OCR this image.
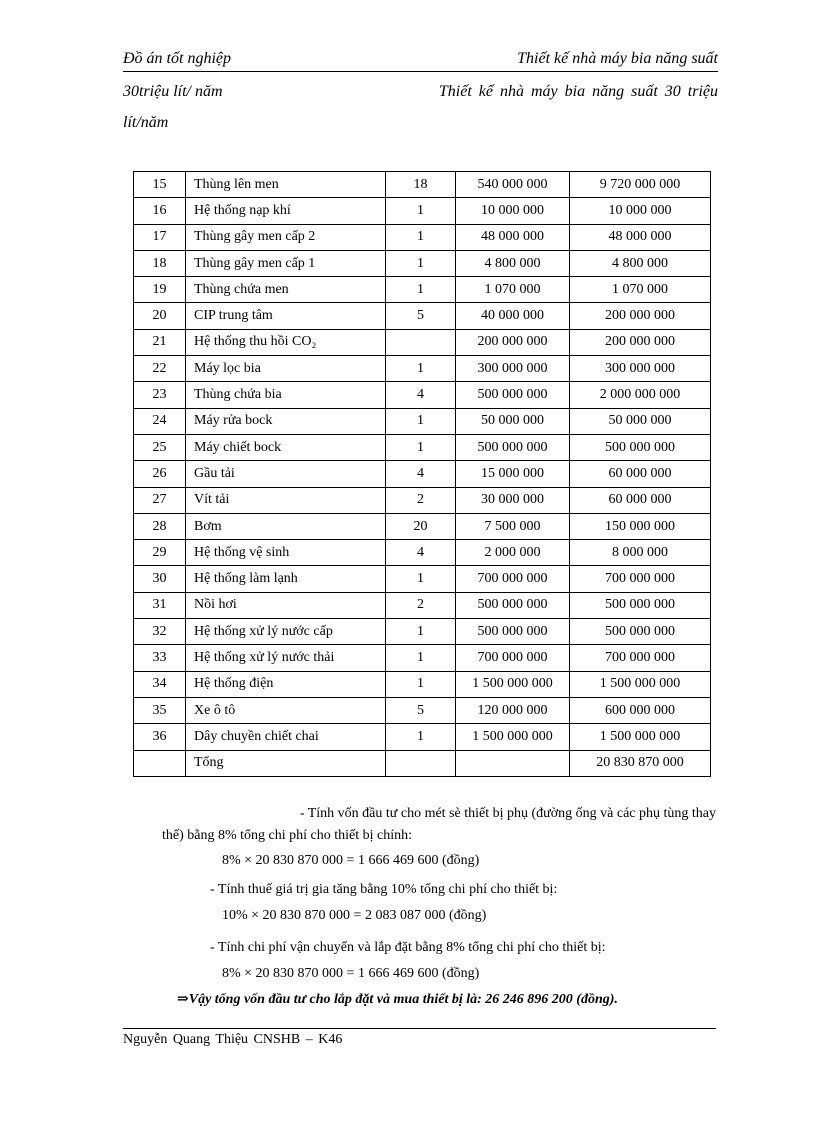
Đồ án tốt nghiệp	Thiết kế nhà máy bia năng suất
30triệu lít/ năm	Thiết kế nhà máy bia năng suất 30 triệu
lít/năm
15	Thùng lên men	18	540 000 000	9 720 000 000
16	Hệ thống nạp khí	1	10 000 000	10 000 000
17	Thùng gây men cấp 2	1	48 000 000	48 000 000
18	Thùng gây men cấp 1	1	4 800 000	4 800 000
19	Thùng chứa men	1	1 070 000	1 070 000
20	CIP trung tâm	5	40 000 000	200 000 000
21	Hệ thống thu hồi CO₂		200 000 000	200 000 000
22	Máy lọc bia	1	300 000 000	300 000 000
23	Thùng chứa bia	4	500 000 000	2 000 000 000
24	Máy rửa bock	1	50 000 000	50 000 000
25	Máy chiết bock	1	500 000 000	500 000 000
26	Gầu tải	4	15 000 000	60 000 000
27	Vít tải	2	30 000 000	60 000 000
28	Bơm	20	7 500 000	150 000 000
29	Hệ thống vệ sinh	4	2 000 000	8 000 000
30	Hệ thống làm lạnh	1	700 000 000	700 000 000
31	Nồi hơi	2	500 000 000	500 000 000
32	Hệ thống xử lý nước cấp	1	500 000 000	500 000 000
33	Hệ thống xử lý nước thải	1	700 000 000	700 000 000
34	Hệ thống điện	1	1 500 000 000	1 500 000 000
35	Xe ô tô	5	120 000 000	600 000 000
36	Dây chuyền chiết chai	1	1 500 000 000	1 500 000 000
	Tổng			20 830 870 000
- Tính vốn đầu tư cho mét sè thiết bị phụ (đường ống và các phụ tùng thay
thế) bằng 8% tổng chi phí cho thiết bị chính:
8% × 20 830 870 000 = 1 666 469 600 (đồng)
- Tính thuế giá trị gia tăng bằng 10% tổng chi phí cho thiết bị:
10% × 20 830 870 000 = 2 083 087 000 (đồng)
- Tính chi phí vận chuyển và lắp đặt bằng 8% tổng chi phí cho thiết bị:
8% × 20 830 870 000 = 1 666 469 600 (đồng)
⇒Vậy tổng vốn đầu tư cho lắp đặt và mua thiết bị là: 26 246 896 200 (đồng).
Nguyễn Quang Thiệu CNSHB – K46
